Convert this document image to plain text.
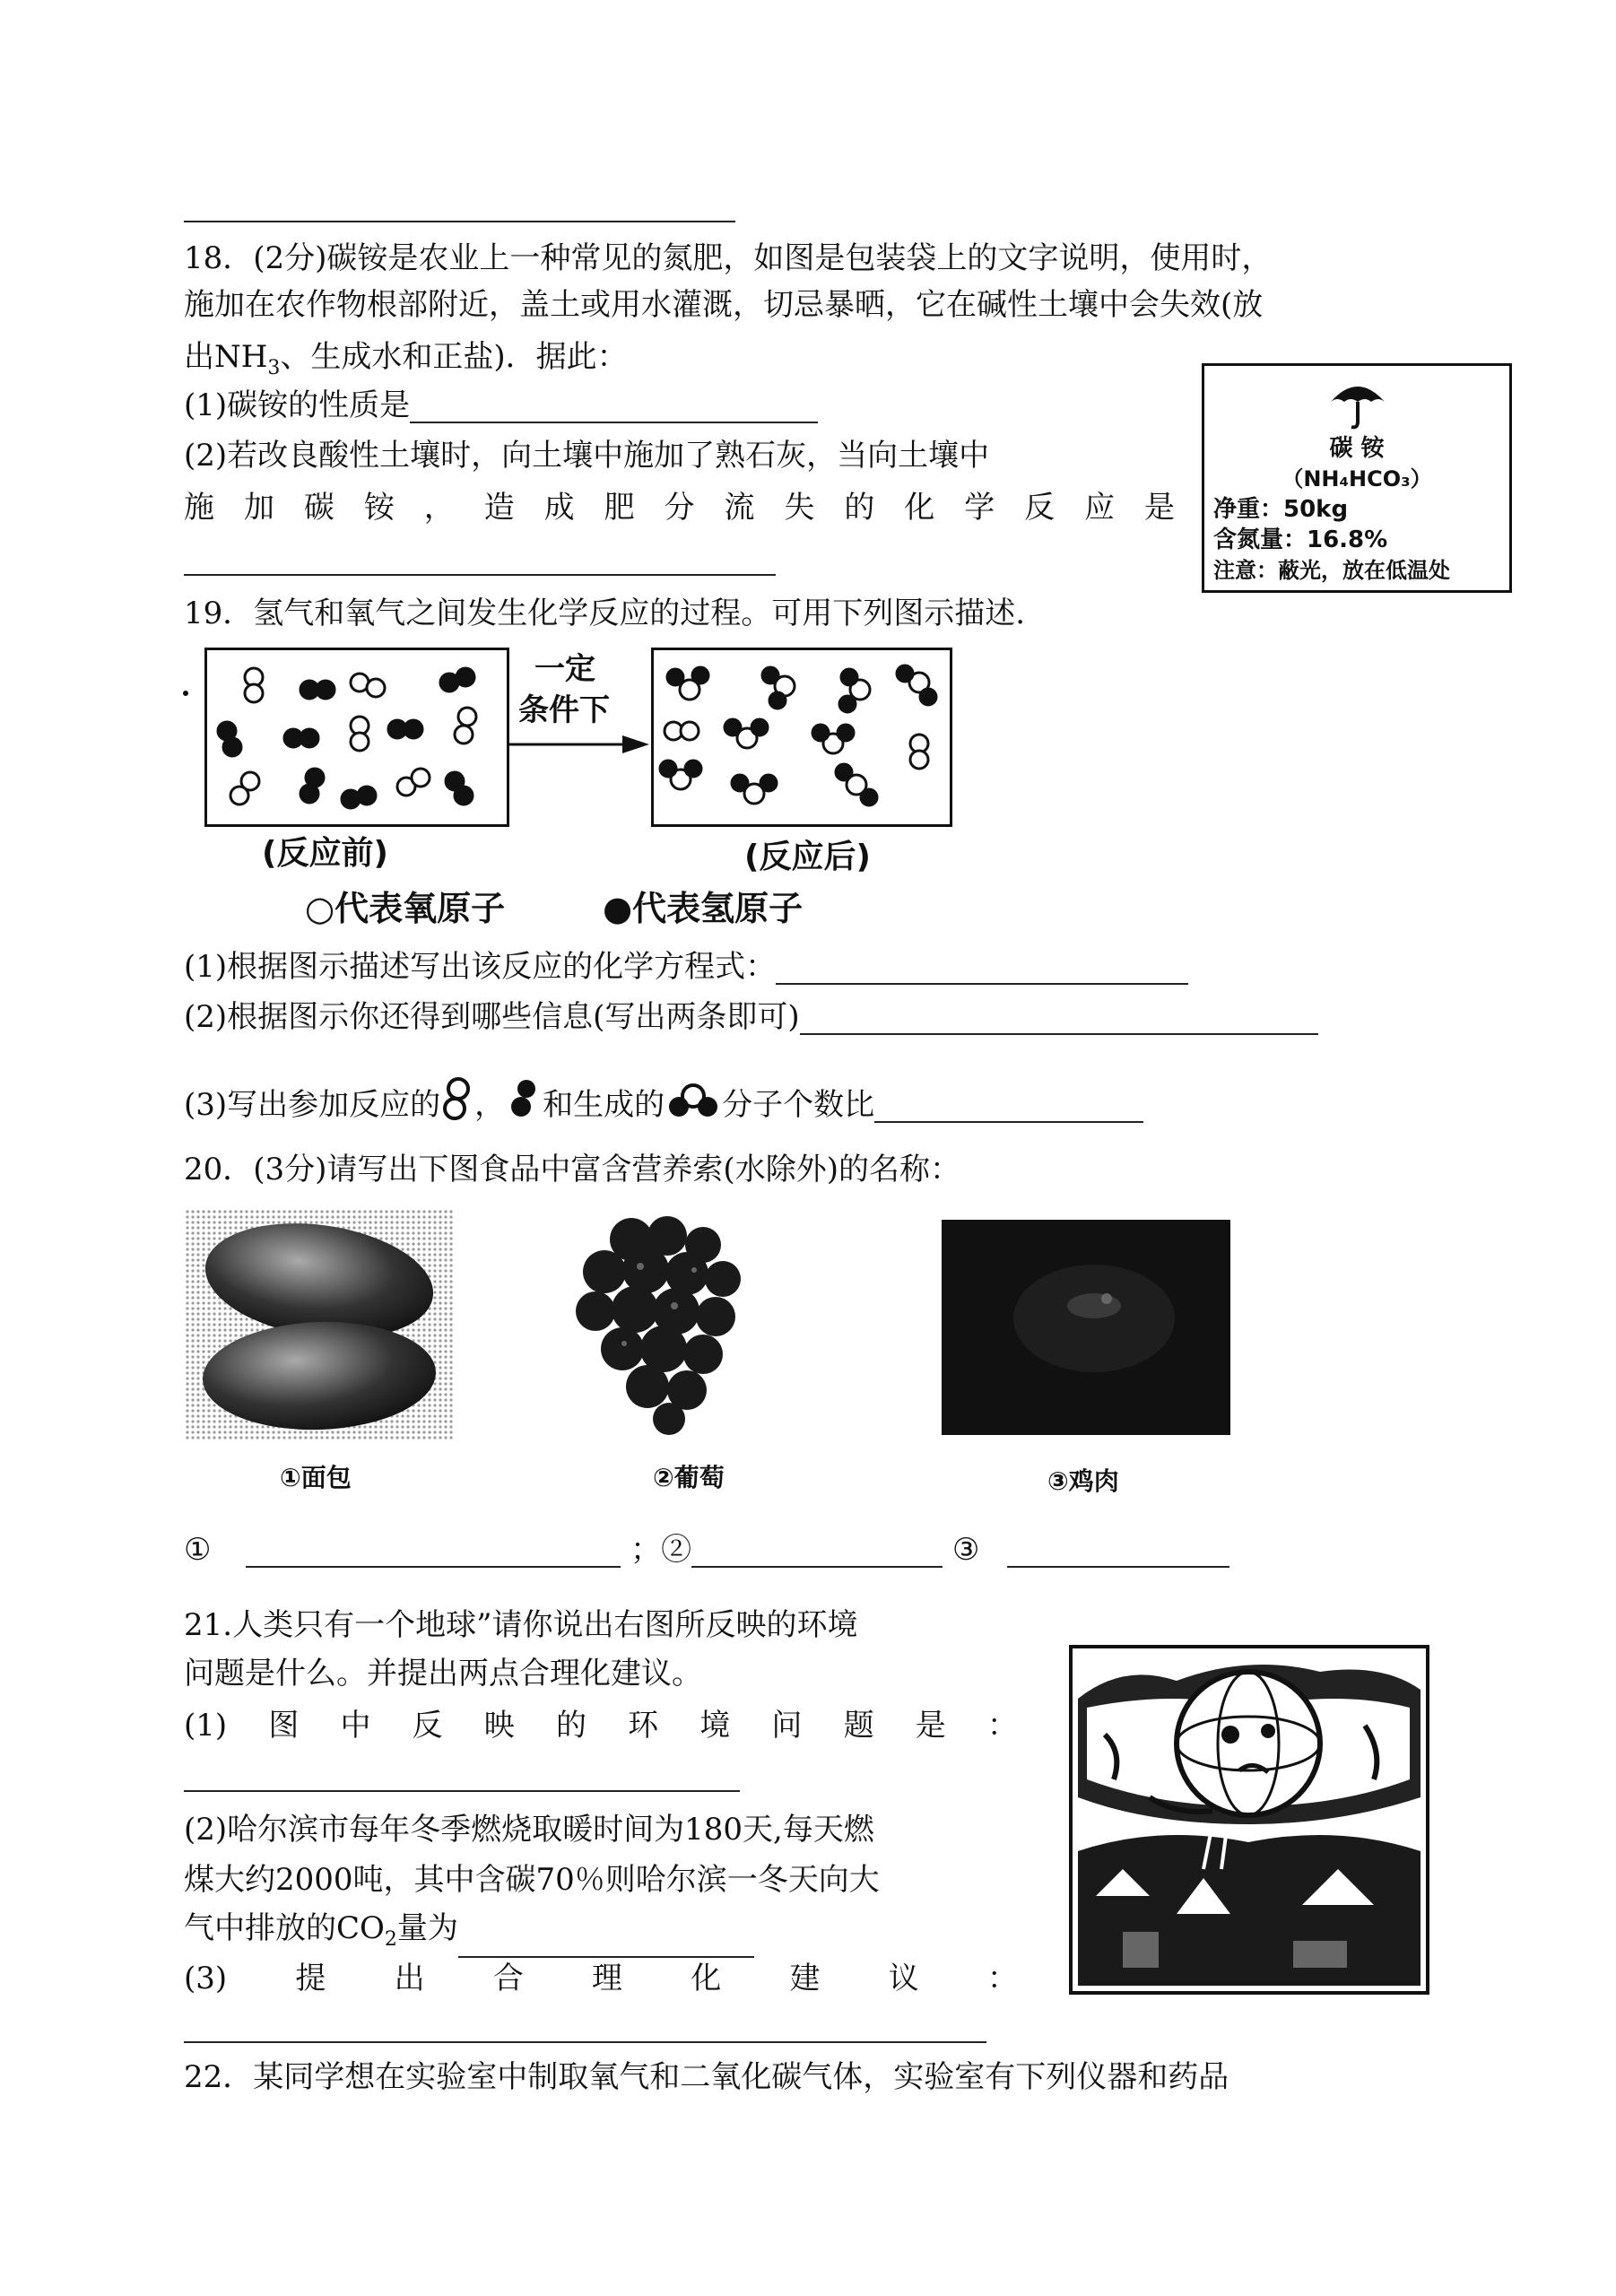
18．(2分)碳铵是农业上一种常见的氮肥，如图是包装袋上的文字说明，使用时，
施加在农作物根部附近，盖土或用水灌溉，切忌暴晒，它在碱性土壤中会失效(放
出$NH_3$、生成水和正盐)．据此：
(1)碳铵的性质是
(2)若改良酸性土壤时，向土壤中施加了熟石灰，当向土壤中
施 加 碳 铵 ， 造 成 肥 分 流 失 的 化 学 反 应 是
碳 铵
（NH₄HCO₃）
净重：50kg
含氮量：16.8%
注意：蔽光，放在低温处
19．氢气和氧气之间发生化学反应的过程。可用下列图示描述.
一定
条件下
(反应前)	(反应后)
○代表氧原子	●代表氢原子
(1)根据图示描述写出该反应的化学方程式：
(2)根据图示你还得到哪些信息(写出两条即可)
(3)写出参加反应的 ， 和生成的 分子个数比
20．(3分)请写出下图食品中富含营养索(水除外)的名称：
①面包	②葡萄	③鸡肉
①	；②	③
21.人类只有一个地球”请你说出右图所反映的环境
问题是什么。并提出两点合理化建议。
(1) 图 中 反 映 的 环 境 问 题 是 ：
(2)哈尔滨市每年冬季燃烧取暖时间为180天,每天燃
煤大约2000吨，其中含碳70％则哈尔滨一冬天向大
气中排放的$CO_2$量为
(3) 提 出 合 理 化 建 议 ：
22．某同学想在实验室中制取氧气和二氧化碳气体，实验室有下列仪器和药品
